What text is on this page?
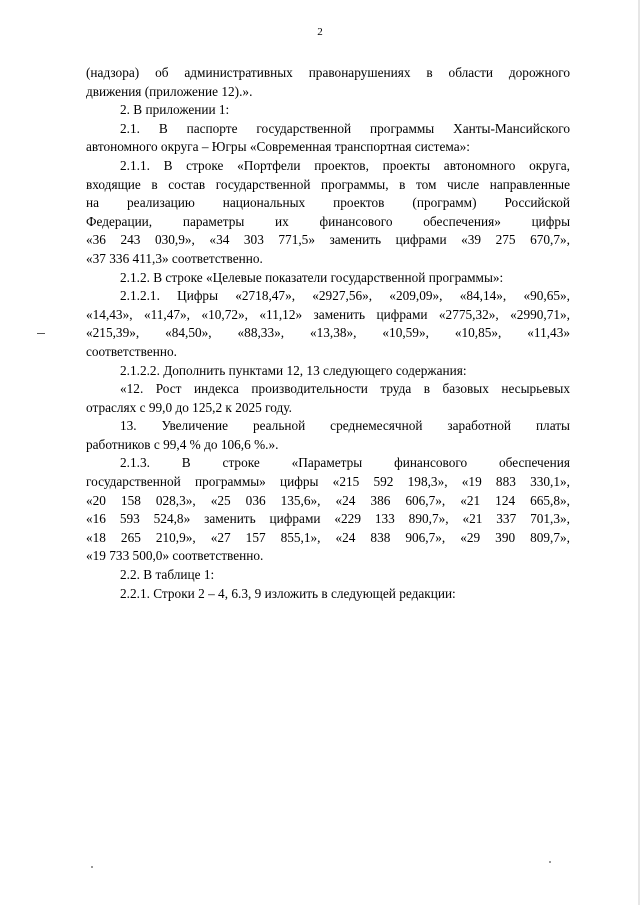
2

(надзора) об административных правонарушениях в области дорожного

движения (приложение 12).».

2. В приложении 1:

2.1. В паспорте государственной программы Ханты-Мансийского

автономного округа – Югры «Современная транспортная система»:

2.1.1. В строке «Портфели проектов, проекты автономного округа,

входящие в состав государственной программы, в том числе направленные

на реализацию национальных проектов (программ) Российской

Федерации, параметры их финансового обеспечения» цифры

«36 243 030,9», «34 303 771,5» заменить цифрами «39 275 670,7»,

«37 336 411,3» соответственно.

2.1.2. В строке «Целевые показатели государственной программы»:

2.1.2.1. Цифры «2718,47», «2927,56», «209,09», «84,14», «90,65»,

«14,43», «11,47», «10,72», «11,12» заменить цифрами «2775,32», «2990,71»,

«215,39», «84,50», «88,33», «13,38», «10,59», «10,85», «11,43»

соответственно.

2.1.2.2. Дополнить пунктами 12, 13 следующего содержания:

«12. Рост индекса производительности труда в базовых несырьевых

отраслях с 99,0 до 125,2 к 2025 году.

13. Увеличение реальной среднемесячной заработной платы

работников с 99,4 % до 106,6 %.».

2.1.3. В строке «Параметры финансового обеспечения

государственной программы» цифры «215 592 198,3», «19 883 330,1»,

«20 158 028,3», «25 036 135,6», «24 386 606,7», «21 124 665,8»,

«16 593 524,8» заменить цифрами «229 133 890,7», «21 337 701,3»,

«18 265 210,9», «27 157 855,1», «24 838 906,7», «29 390 809,7»,

«19 733 500,0» соответственно.

2.2. В таблице 1:

2.2.1. Строки 2 – 4, 6.3, 9 изложить в следующей редакции:
